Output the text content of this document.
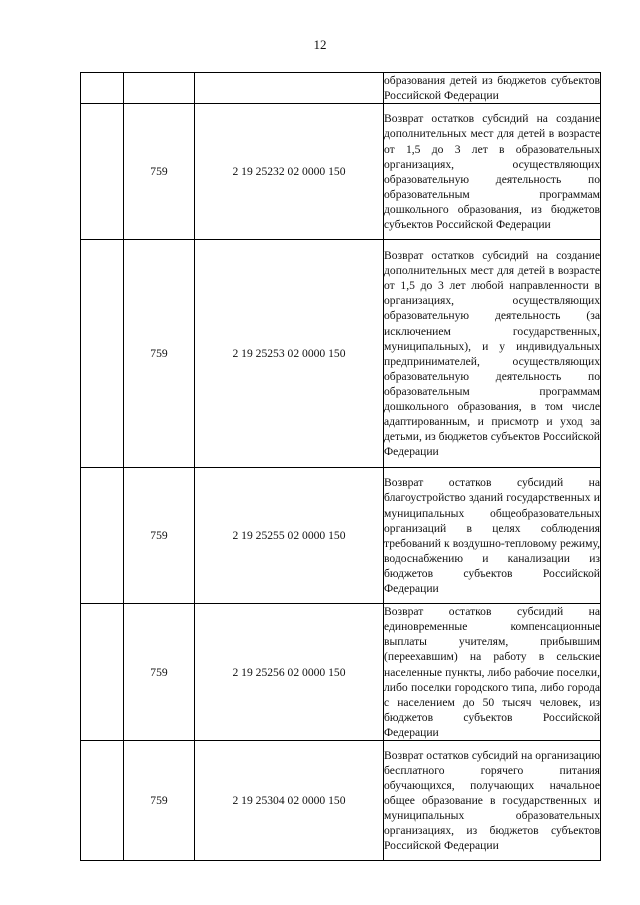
12

			образования детей из бюджетов субъектов Российской Федерации

	759	2 19 25232 02 0000 150	Возврат остатков субсидий на создание дополнительных мест для детей в возрасте от 1,5 до 3 лет в образовательных организациях, осуществляющих образовательную деятельность по образовательным программам дошкольного образования, из бюджетов субъектов Российской Федерации

	759	2 19 25253 02 0000 150	Возврат остатков субсидий на создание дополнительных мест для детей в возрасте от 1,5 до 3 лет любой направленности в организациях, осуществляющих образовательную деятельность (за исключением государственных, муниципальных), и у индивидуальных предпринимателей, осуществляющих образовательную деятельность по образовательным программам дошкольного образования, в том числе адаптированным, и присмотр и уход за детьми, из бюджетов субъектов Российской Федерации

	759	2 19 25255 02 0000 150	Возврат остатков субсидий на благоустройство зданий государственных и муниципальных общеобразовательных организаций в целях соблюдения требований к воздушно-тепловому режиму, водоснабжению и канализации из бюджетов субъектов Российской Федерации

	759	2 19 25256 02 0000 150	Возврат остатков субсидий на единовременные компенсационные выплаты учителям, прибывшим (переехавшим) на работу в сельские населенные пункты, либо рабочие поселки, либо поселки городского типа, либо города с населением до 50 тысяч человек, из бюджетов субъектов Российской Федерации

	759	2 19 25304 02 0000 150	Возврат остатков субсидий на организацию бесплатного горячего питания обучающихся, получающих начальное общее образование в государственных и муниципальных образовательных организациях, из бюджетов субъектов Российской Федерации
